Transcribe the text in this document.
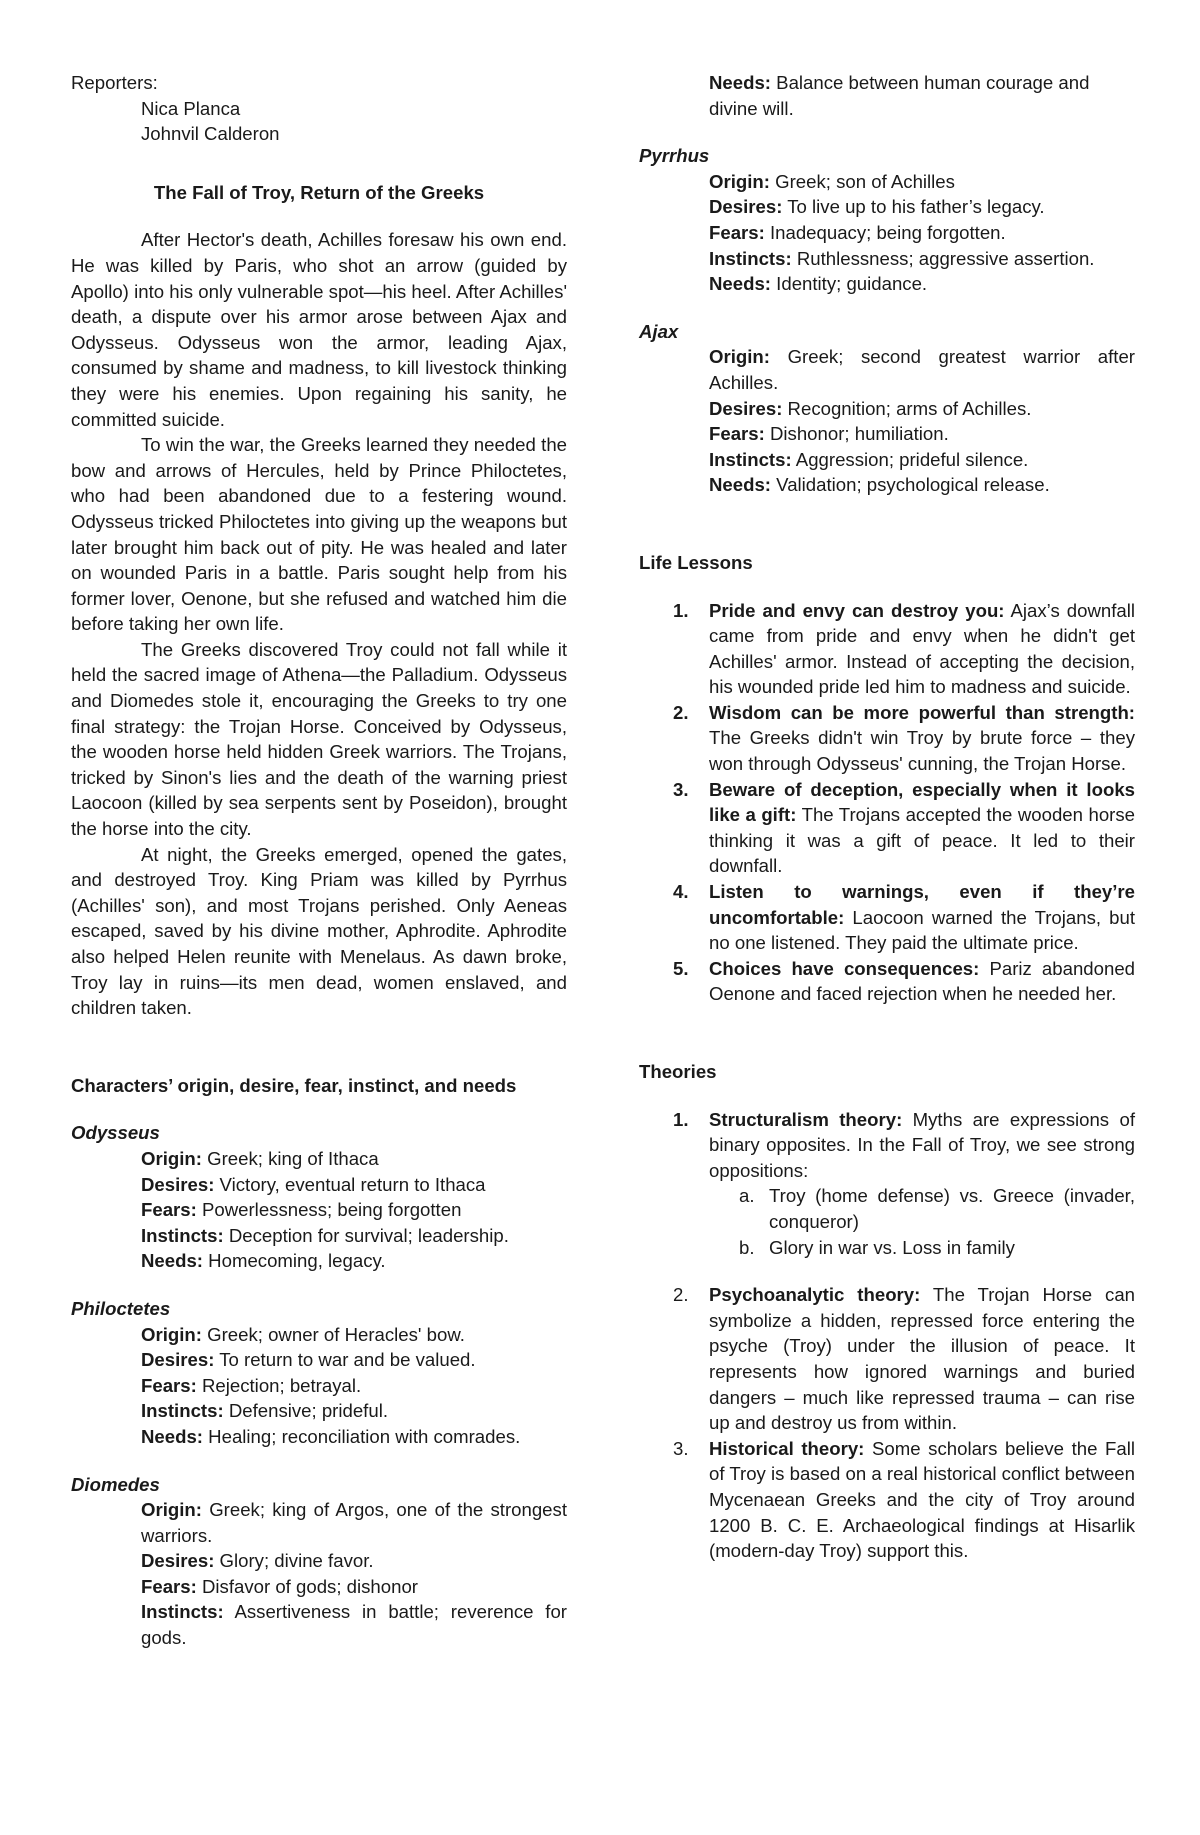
Reporters:

Nica Planca

Johnvil Calderon

The Fall of Troy, Return of the Greeks

After Hector's death, Achilles foresaw his own end. He was killed by Paris, who shot an arrow (guided by Apollo) into his only vulnerable spot—his heel. After Achilles' death, a dispute over his armor arose between Ajax and Odysseus. Odysseus won the armor, leading Ajax, consumed by shame and madness, to kill livestock thinking they were his enemies. Upon regaining his sanity, he committed suicide.

To win the war, the Greeks learned they needed the bow and arrows of Hercules, held by Prince Philoctetes, who had been abandoned due to a festering wound. Odysseus tricked Philoctetes into giving up the weapons but later brought him back out of pity. He was healed and later on wounded Paris in a battle. Paris sought help from his former lover, Oenone, but she refused and watched him die before taking her own life.

The Greeks discovered Troy could not fall while it held the sacred image of Athena—the Palladium. Odysseus and Diomedes stole it, encouraging the Greeks to try one final strategy: the Trojan Horse. Conceived by Odysseus, the wooden horse held hidden Greek warriors. The Trojans, tricked by Sinon's lies and the death of the warning priest Laocoon (killed by sea serpents sent by Poseidon), brought the horse into the city.

At night, the Greeks emerged, opened the gates, and destroyed Troy. King Priam was killed by Pyrrhus (Achilles' son), and most Trojans perished. Only Aeneas escaped, saved by his divine mother, Aphrodite. Aphrodite also helped Helen reunite with Menelaus. As dawn broke, Troy lay in ruins—its men dead, women enslaved, and children taken.

Characters’ origin, desire, fear, instinct, and needs

Odysseus

Origin: Greek; king of Ithaca

Desires: Victory, eventual return to Ithaca

Fears: Powerlessness; being forgotten

Instincts: Deception for survival; leadership.

Needs: Homecoming, legacy.

Philoctetes

Origin: Greek; owner of Heracles' bow.

Desires: To return to war and be valued.

Fears: Rejection; betrayal.

Instincts: Defensive; prideful.

Needs: Healing; reconciliation with comrades.

Diomedes

Origin: Greek; king of Argos, one of the strongest warriors.

Desires: Glory; divine favor.

Fears: Disfavor of gods; dishonor

Instincts: Assertiveness in battle; reverence for gods.

Needs: Balance between human courage and divine will.

Pyrrhus

Origin: Greek; son of Achilles

Desires: To live up to his father’s legacy.

Fears: Inadequacy; being forgotten.

Instincts: Ruthlessness; aggressive assertion.

Needs: Identity; guidance.

Ajax

Origin: Greek; second greatest warrior after Achilles.

Desires: Recognition; arms of Achilles.

Fears: Dishonor; humiliation.

Instincts: Aggression; prideful silence.

Needs: Validation; psychological release.

Life Lessons

1. Pride and envy can destroy you: Ajax’s downfall came from pride and envy when he didn't get Achilles' armor. Instead of accepting the decision, his wounded pride led him to madness and suicide.
2. Wisdom can be more powerful than strength: The Greeks didn't win Troy by brute force – they won through Odysseus' cunning, the Trojan Horse.
3. Beware of deception, especially when it looks like a gift: The Trojans accepted the wooden horse thinking it was a gift of peace. It led to their downfall.
4. Listen to warnings, even if they’re uncomfortable: Laocoon warned the Trojans, but no one listened. They paid the ultimate price.
5. Choices have consequences: Pariz abandoned Oenone and faced rejection when he needed her.

Theories

1. Structuralism theory: Myths are expressions of binary opposites. In the Fall of Troy, we see strong oppositions:
a. Troy (home defense) vs. Greece (invader, conqueror)
b. Glory in war vs. Loss in family
2. Psychoanalytic theory: The Trojan Horse can symbolize a hidden, repressed force entering the psyche (Troy) under the illusion of peace. It represents how ignored warnings and buried dangers – much like repressed trauma – can rise up and destroy us from within.
3. Historical theory: Some scholars believe the Fall of Troy is based on a real historical conflict between Mycenaean Greeks and the city of Troy around 1200 B. C. E. Archaeological findings at Hisarlik (modern-day Troy) support this.
